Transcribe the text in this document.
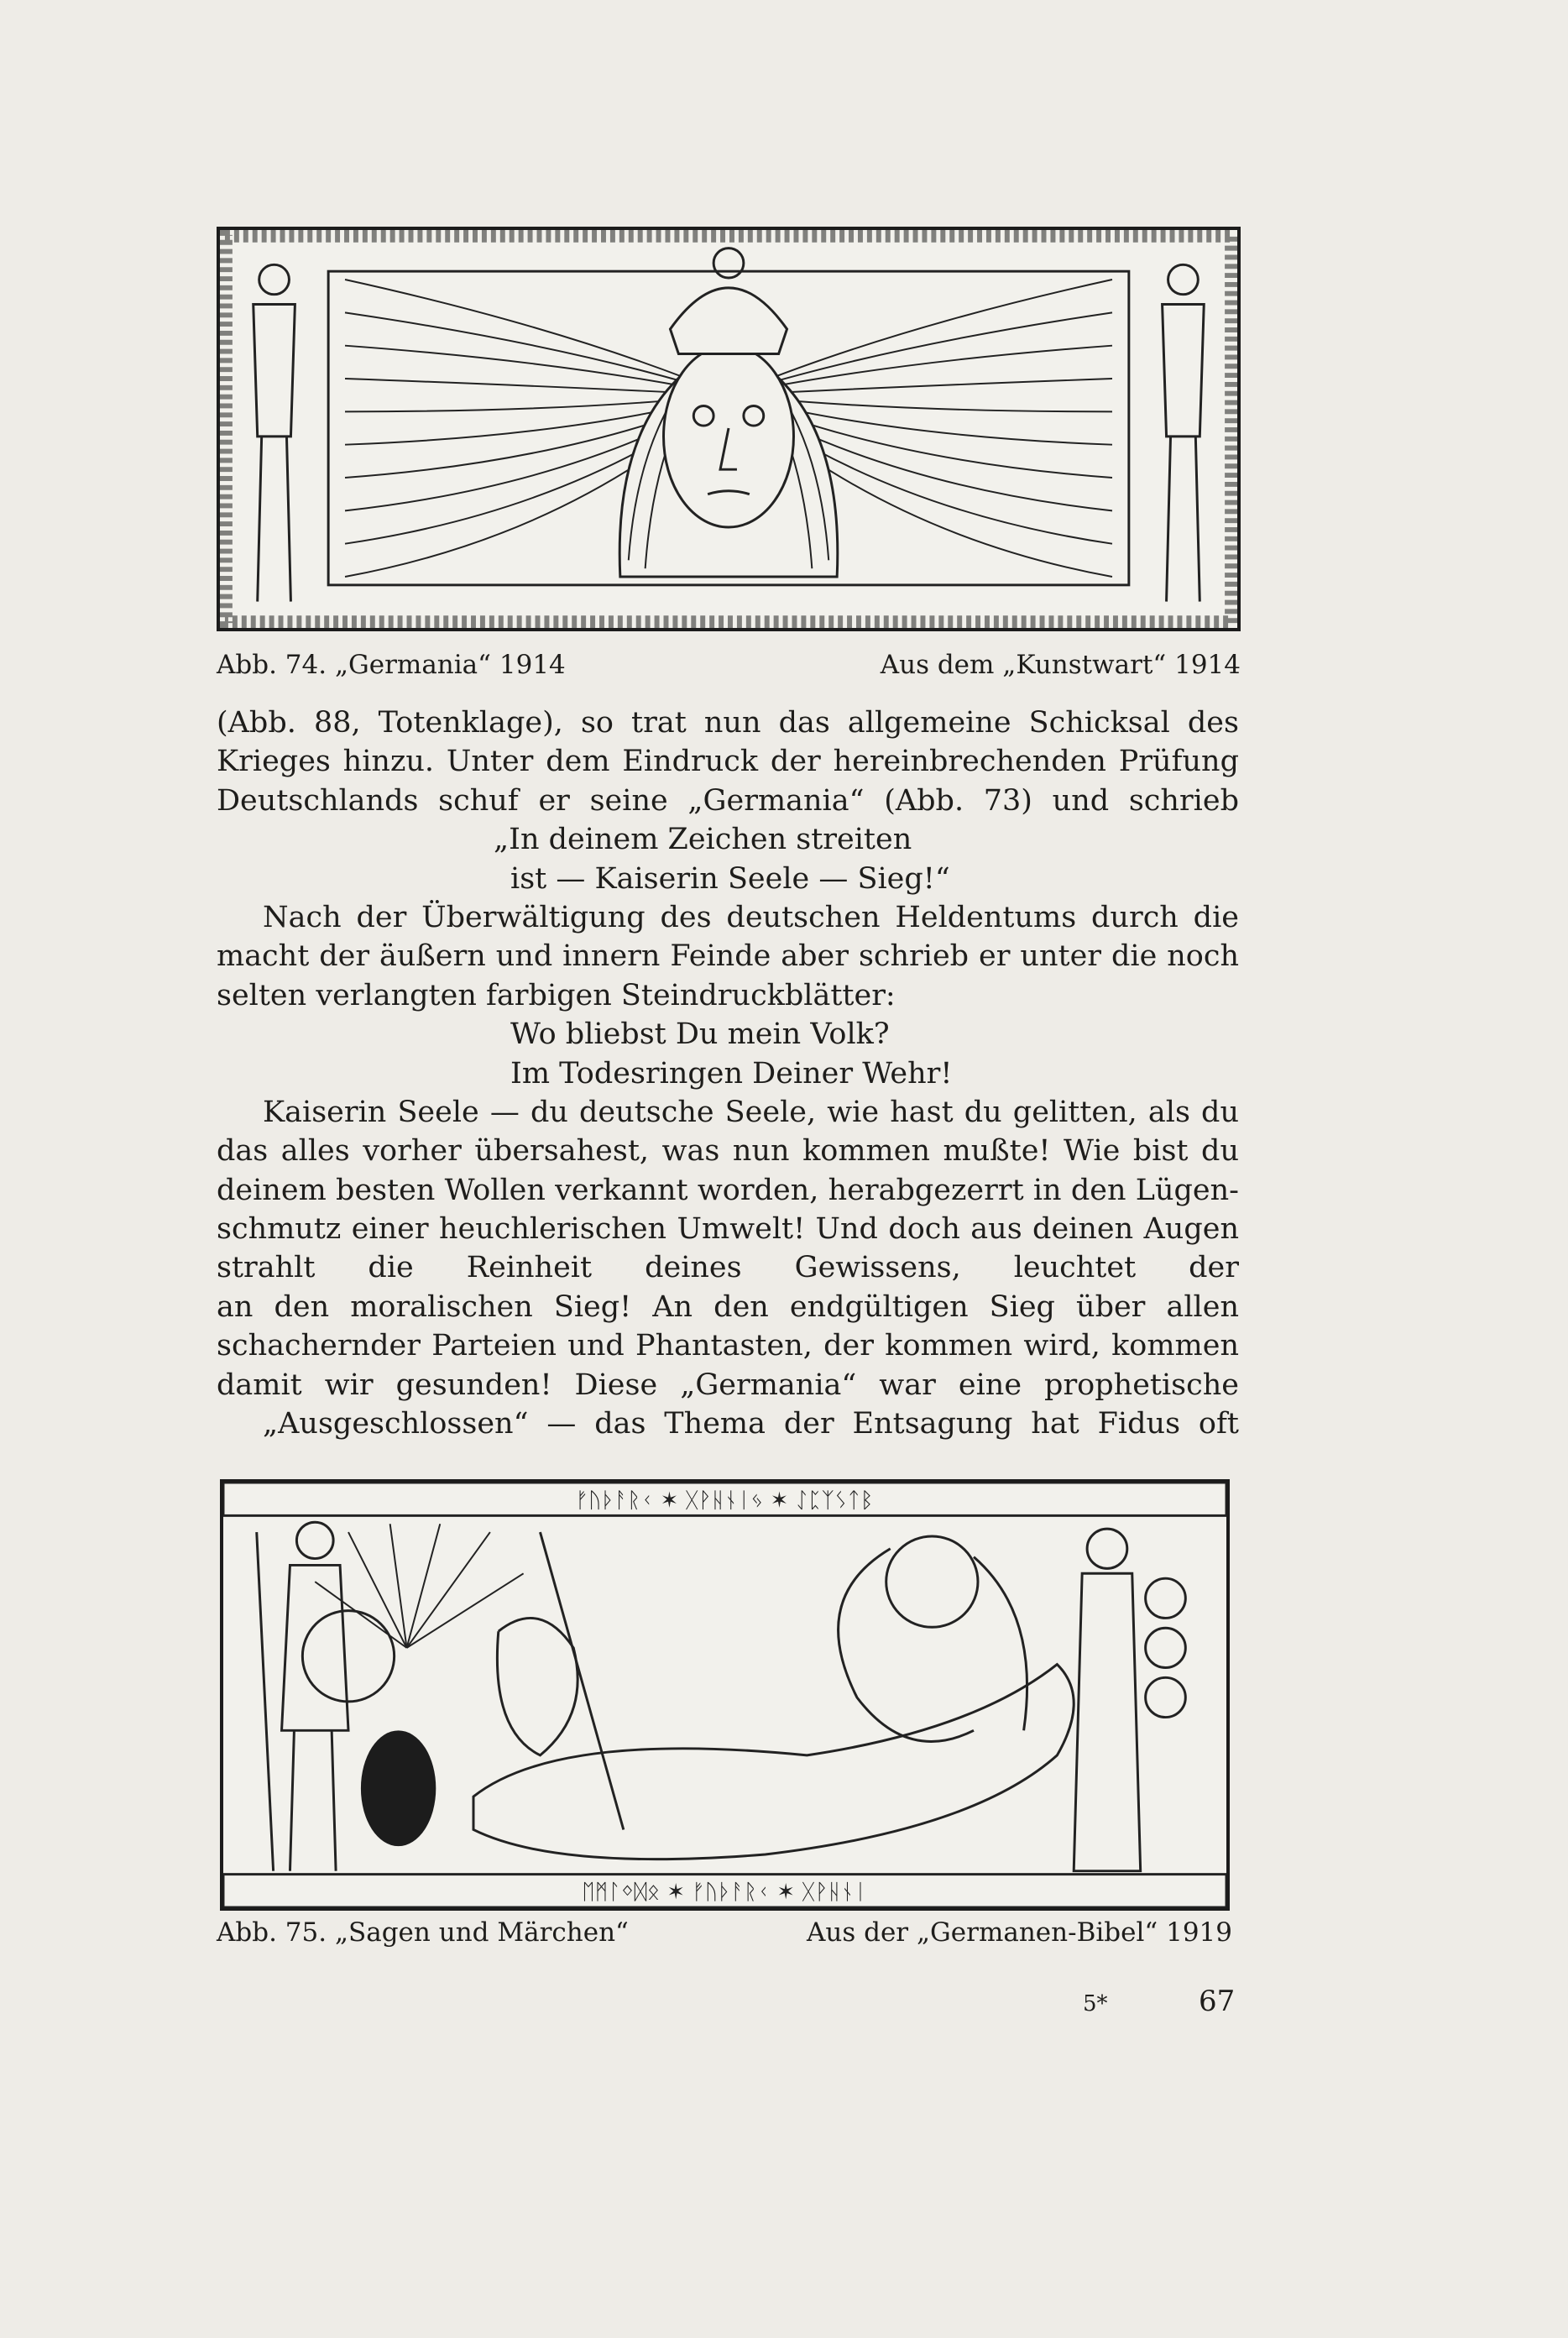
Abb. 74. „Germania“ 1914	Aus dem „Kunstwart“ 1914
(Abb. 88, Totenklage), so trat nun das allgemeine Schicksal des
Krieges hinzu. Unter dem Eindruck der hereinbrechenden Prüfung
Deutschlands schuf er seine „Germania“ (Abb. 73) und schrieb
„In deinem Zeichen streiten
ist — Kaiserin Seele — Sieg!“
Nach der Überwältigung des deutschen Heldentums durch die
macht der äußern und innern Feinde aber schrieb er unter die noch
selten verlangten farbigen Steindruckblätter:
Wo bliebst Du mein Volk?
Im Todesringen Deiner Wehr!
Kaiserin Seele — du deutsche Seele, wie hast du gelitten, als du
das alles vorher übersahest, was nun kommen mußte! Wie bist du
deinem besten Wollen verkannt worden, herabgezerrt in den Lügen-
schmutz einer heuchlerischen Umwelt! Und doch aus deinen Augen
strahlt die Reinheit deines Gewissens, leuchtet der
an den moralischen Sieg! An den endgültigen Sieg über allen
schachernder Parteien und Phantasten, der kommen wird, kommen
damit wir gesunden! Diese „Germania“ war eine prophetische
„Ausgeschlossen“ — das Thema der Entsagung hat Fidus oft
ᚠᚢᚦᚨᚱᚲ ✶ ᚷᚹᚺᚾᛁᛃ ✶ ᛇᛈᛉᛊᛏᛒ
ᛖᛗᛚᛜᛞᛟ ✶ ᚠᚢᚦᚨᚱᚲ ✶ ᚷᚹᚺᚾᛁ
Abb. 75. „Sagen und Märchen“	Aus der „Germanen-Bibel“ 1919
5*	67
